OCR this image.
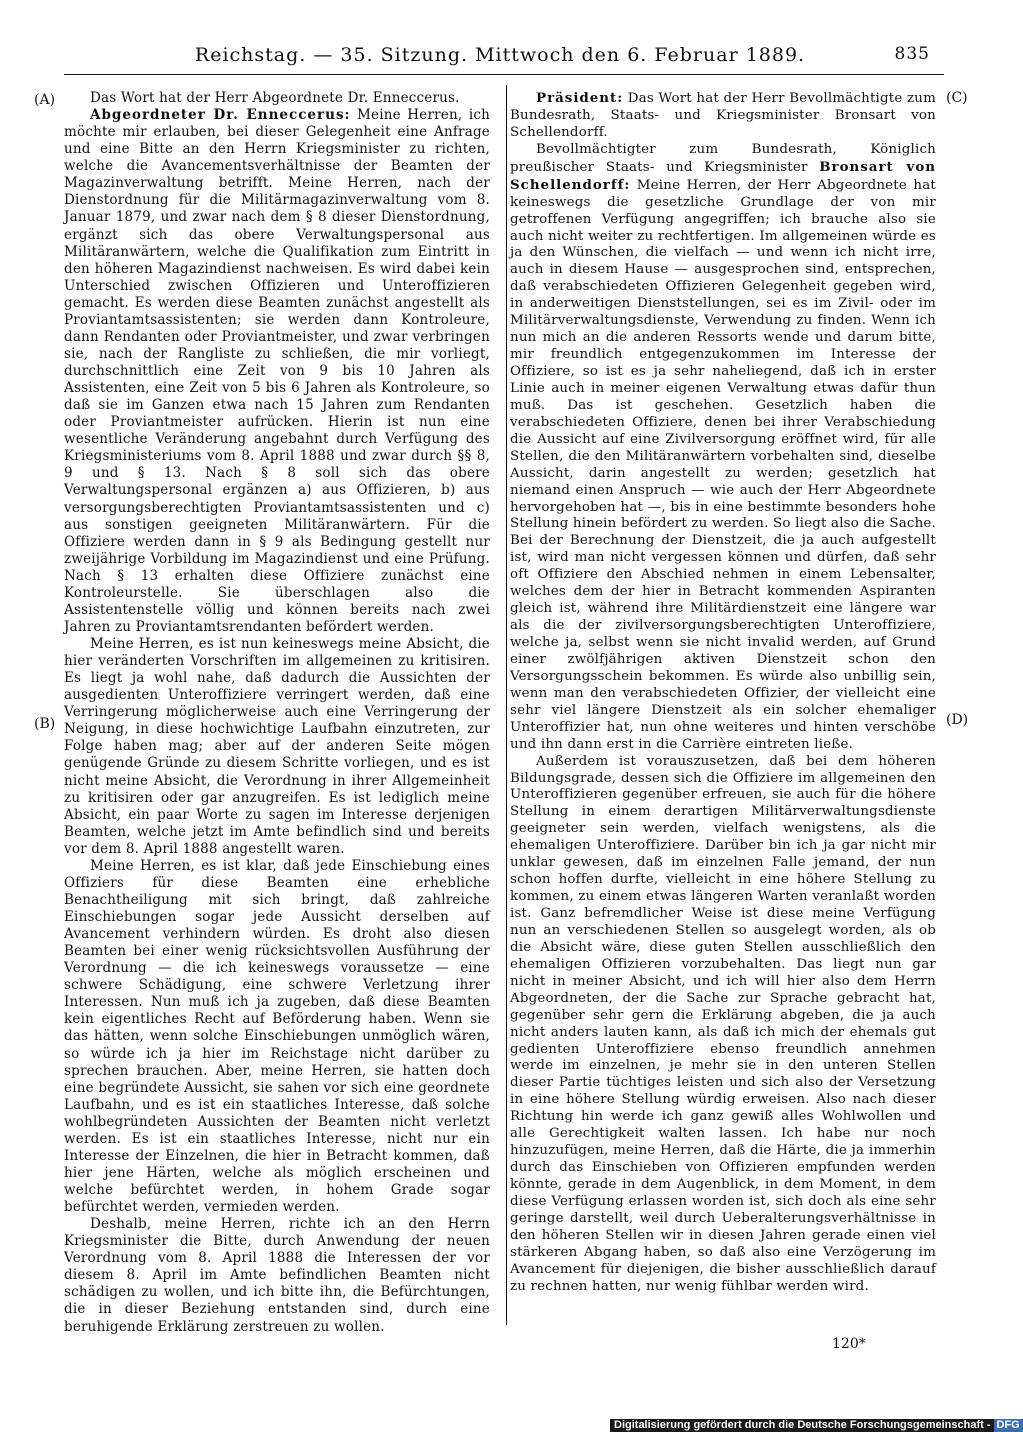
Reichstag. — 35. Sitzung. Mittwoch den 6. Februar 1889.	835
(A)
(B)
(C)
(D)

Das Wort hat der Herr Abgeordnete Dr. Enneccerus.

Abgeordneter Dr. Enneccerus: Meine Herren, ich möchte mir erlauben, bei dieser Gelegenheit eine Anfrage und eine Bitte an den Herrn Kriegsminister zu richten, welche die Avancementsverhältnisse der Beamten der Magazinverwaltung betrifft. Meine Herren, nach der Dienstordnung für die Militärmagazinverwaltung vom 8. Januar 1879, und zwar nach dem § 8 dieser Dienstordnung, ergänzt sich das obere Verwaltungspersonal aus Militäranwärtern, welche die Qualifikation zum Eintritt in den höheren Magazindienst nachweisen. Es wird dabei kein Unterschied zwischen Offizieren und Unteroffizieren gemacht. Es werden diese Beamten zunächst angestellt als Proviantamtsassistenten; sie werden dann Kontroleure, dann Rendanten oder Proviantmeister, und zwar verbringen sie, nach der Rangliste zu schließen, die mir vorliegt, durchschnittlich eine Zeit von 9 bis 10 Jahren als Assistenten, eine Zeit von 5 bis 6 Jahren als Kontroleure, so daß sie im Ganzen etwa nach 15 Jahren zum Rendanten oder Proviantmeister aufrücken. Hierin ist nun eine wesentliche Veränderung angebahnt durch Verfügung des Kriegsministeriums vom 8. April 1888 und zwar durch §§ 8, 9 und § 13. Nach § 8 soll sich das obere Verwaltungspersonal ergänzen a) aus Offizieren, b) aus versorgungsberechtigten Proviantamtsassistenten und c) aus sonstigen geeigneten Militäranwärtern. Für die Offiziere werden dann in § 9 als Bedingung gestellt nur zweijährige Vorbildung im Magazindienst und eine Prüfung. Nach § 13 erhalten diese Offiziere zunächst eine Kontroleurstelle. Sie überschlagen also die Assistentenstelle völlig und können bereits nach zwei Jahren zu Proviantamtsrendanten befördert werden.

Meine Herren, es ist nun keineswegs meine Absicht, die hier veränderten Vorschriften im allgemeinen zu kritisiren. Es liegt ja wohl nahe, daß dadurch die Aussichten der ausgedienten Unteroffiziere verringert werden, daß eine Verringerung möglicherweise auch eine Verringerung der Neigung, in diese hochwichtige Laufbahn einzutreten, zur Folge haben mag; aber auf der anderen Seite mögen genügende Gründe zu diesem Schritte vorliegen, und es ist nicht meine Absicht, die Verordnung in ihrer Allgemeinheit zu kritisiren oder gar anzugreifen. Es ist lediglich meine Absicht, ein paar Worte zu sagen im Interesse derjenigen Beamten, welche jetzt im Amte befindlich sind und bereits vor dem 8. April 1888 angestellt waren.

Meine Herren, es ist klar, daß jede Einschiebung eines Offiziers für diese Beamten eine erhebliche Benachtheiligung mit sich bringt, daß zahlreiche Einschiebungen sogar jede Aussicht derselben auf Avancement verhindern würden. Es droht also diesen Beamten bei einer wenig rücksichtsvollen Ausführung der Verordnung — die ich keineswegs voraussetze — eine schwere Schädigung, eine schwere Verletzung ihrer Interessen. Nun muß ich ja zugeben, daß diese Beamten kein eigentliches Recht auf Beförderung haben. Wenn sie das hätten, wenn solche Einschiebungen unmöglich wären, so würde ich ja hier im Reichstage nicht darüber zu sprechen brauchen. Aber, meine Herren, sie hatten doch eine begründete Aussicht, sie sahen vor sich eine geordnete Laufbahn, und es ist ein staatliches Interesse, daß solche wohlbegründeten Aussichten der Beamten nicht verletzt werden. Es ist ein staatliches Interesse, nicht nur ein Interesse der Einzelnen, die hier in Betracht kommen, daß hier jene Härten, welche als möglich erscheinen und welche befürchtet werden, in hohem Grade sogar befürchtet werden, vermieden werden.

Deshalb, meine Herren, richte ich an den Herrn Kriegsminister die Bitte, durch Anwendung der neuen Verordnung vom 8. April 1888 die Interessen der vor diesem 8. April im Amte befindlichen Beamten nicht schädigen zu wollen, und ich bitte ihn, die Befürchtungen, die in dieser Beziehung entstanden sind, durch eine beruhigende Erklärung zerstreuen zu wollen.

Präsident: Das Wort hat der Herr Bevollmächtigte zum Bundesrath, Staats- und Kriegsminister Bronsart von Schellendorff.

Bevollmächtigter zum Bundesrath, Königlich preußischer Staats- und Kriegsminister Bronsart von Schellendorff: Meine Herren, der Herr Abgeordnete hat keineswegs die gesetzliche Grundlage der von mir getroffenen Verfügung angegriffen; ich brauche also sie auch nicht weiter zu rechtfertigen. Im allgemeinen würde es ja den Wünschen, die vielfach — und wenn ich nicht irre, auch in diesem Hause — ausgesprochen sind, entsprechen, daß verabschiedeten Offizieren Gelegenheit gegeben wird, in anderweitigen Dienststellungen, sei es im Zivil- oder im Militärverwaltungsdienste, Verwendung zu finden. Wenn ich nun mich an die anderen Ressorts wende und darum bitte, mir freundlich entgegenzukommen im Interesse der Offiziere, so ist es ja sehr naheliegend, daß ich in erster Linie auch in meiner eigenen Verwaltung etwas dafür thun muß. Das ist geschehen. Gesetzlich haben die verabschiedeten Offiziere, denen bei ihrer Verabschiedung die Aussicht auf eine Zivilversorgung eröffnet wird, für alle Stellen, die den Militäranwärtern vorbehalten sind, dieselbe Aussicht, darin angestellt zu werden; gesetzlich hat niemand einen Anspruch — wie auch der Herr Abgeordnete hervorgehoben hat —, bis in eine bestimmte besonders hohe Stellung hinein befördert zu werden. So liegt also die Sache. Bei der Berechnung der Dienstzeit, die ja auch aufgestellt ist, wird man nicht vergessen können und dürfen, daß sehr oft Offiziere den Abschied nehmen in einem Lebensalter, welches dem der hier in Betracht kommenden Aspiranten gleich ist, während ihre Militärdienstzeit eine längere war als die der zivilversorgungsberechtigten Unteroffiziere, welche ja, selbst wenn sie nicht invalid werden, auf Grund einer zwölfjährigen aktiven Dienstzeit schon den Versorgungsschein bekommen. Es würde also unbillig sein, wenn man den verabschiedeten Offizier, der vielleicht eine sehr viel längere Dienstzeit als ein solcher ehemaliger Unteroffizier hat, nun ohne weiteres und hinten verschöbe und ihn dann erst in die Carrière eintreten ließe.

Außerdem ist vorauszusetzen, daß bei dem höheren Bildungsgrade, dessen sich die Offiziere im allgemeinen den Unteroffizieren gegenüber erfreuen, sie auch für die höhere Stellung in einem derartigen Militärverwaltungsdienste geeigneter sein werden, vielfach wenigstens, als die ehemaligen Unteroffiziere. Darüber bin ich ja gar nicht mir unklar gewesen, daß im einzelnen Falle jemand, der nun schon hoffen durfte, vielleicht in eine höhere Stellung zu kommen, zu einem etwas längeren Warten veranlaßt worden ist. Ganz befremdlicher Weise ist diese meine Verfügung nun an verschiedenen Stellen so ausgelegt worden, als ob die Absicht wäre, diese guten Stellen ausschließlich den ehemaligen Offizieren vorzubehalten. Das liegt nun gar nicht in meiner Absicht, und ich will hier also dem Herrn Abgeordneten, der die Sache zur Sprache gebracht hat, gegenüber sehr gern die Erklärung abgeben, die ja auch nicht anders lauten kann, als daß ich mich der ehemals gut gedienten Unteroffiziere ebenso freundlich annehmen werde im einzelnen, je mehr sie in den unteren Stellen dieser Partie tüchtiges leisten und sich also der Versetzung in eine höhere Stellung würdig erweisen. Also nach dieser Richtung hin werde ich ganz gewiß alles Wohlwollen und alle Gerechtigkeit walten lassen. Ich habe nur noch hinzuzufügen, meine Herren, daß die Härte, die ja immerhin durch das Einschieben von Offizieren empfunden werden könnte, gerade in dem Augenblick, in dem Moment, in dem diese Verfügung erlassen worden ist, sich doch als eine sehr geringe darstellt, weil durch Ueberalterungsverhältnisse in den höheren Stellen wir in diesen Jahren gerade einen viel stärkeren Abgang haben, so daß also eine Verzögerung im Avancement für diejenigen, die bisher ausschließlich darauf zu rechnen hatten, nur wenig fühlbar werden wird.

120*
Digitalisierung gefördert durch die Deutsche Forschungsgemeinschaft - DFG
